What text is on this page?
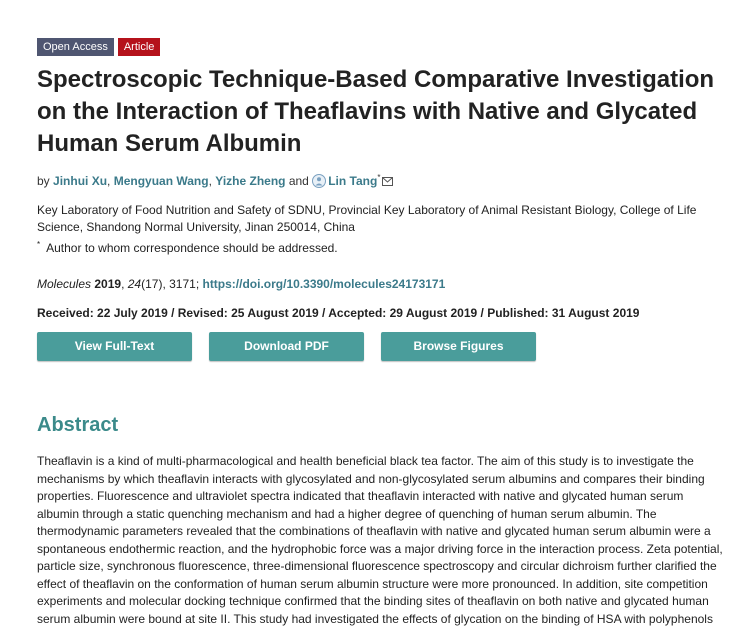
Open Access	Article
Spectroscopic Technique-Based Comparative Investigation on the Interaction of Theaflavins with Native and Glycated Human Serum Albumin
by Jinhui Xu, Mengyuan Wang, Yizhe Zheng and Lin Tang*
Key Laboratory of Food Nutrition and Safety of SDNU, Provincial Key Laboratory of Animal Resistant Biology, College of Life Science, Shandong Normal University, Jinan 250014, China
* Author to whom correspondence should be addressed.
Molecules 2019, 24(17), 3171; https://doi.org/10.3390/molecules24173171
Received: 22 July 2019 / Revised: 25 August 2019 / Accepted: 29 August 2019 / Published: 31 August 2019
View Full-Text	Download PDF	Browse Figures
Abstract
Theaflavin is a kind of multi-pharmacological and health beneficial black tea factor. The aim of this study is to investigate the mechanisms by which theaflavin interacts with glycosylated and non-glycosylated serum albumins and compares their binding properties. Fluorescence and ultraviolet spectra indicated that theaflavin interacted with native and glycated human serum albumin through a static quenching mechanism and had a higher degree of quenching of human serum albumin. The thermodynamic parameters revealed that the combinations of theaflavin with native and glycated human serum albumin were a spontaneous endothermic reaction, and the hydrophobic force was a major driving force in the interaction process. Zeta potential, particle size, synchronous fluorescence, three-dimensional fluorescence spectroscopy and circular dichroism further clarified the effect of theaflavin on the conformation of human serum albumin structure were more pronounced. In addition, site competition experiments and molecular docking technique confirmed that the binding sites of theaflavin on both native and glycated human serum albumin were bound at site II. This study had investigated the effects of glycation on the binding of HSA with polyphenols
